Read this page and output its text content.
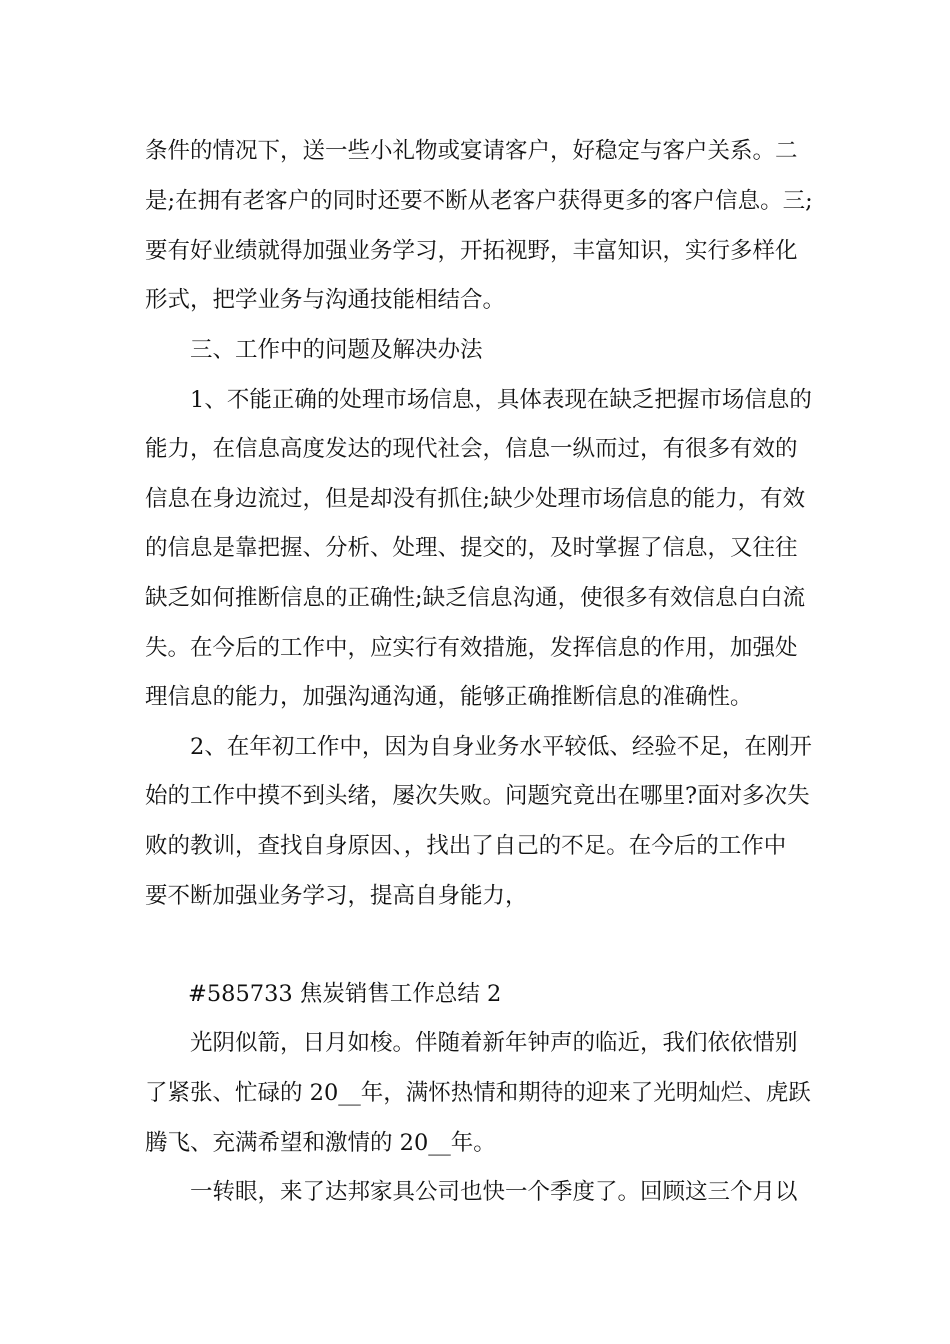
条件的情况下，送一些小礼物或宴请客户，好稳定与客户关系。二
是;在拥有老客户的同时还要不断从老客户获得更多的客户信息。三;
要有好业绩就得加强业务学习，开拓视野，丰富知识，实行多样化
形式，把学业务与沟通技能相结合。
三、工作中的问题及解决办法
1、不能正确的处理市场信息，具体表现在缺乏把握市场信息的
能力，在信息高度发达的现代社会，信息一纵而过，有很多有效的
信息在身边流过，但是却没有抓住;缺少处理市场信息的能力，有效
的信息是靠把握、分析、处理、提交的，及时掌握了信息，又往往
缺乏如何推断信息的正确性;缺乏信息沟通，使很多有效信息白白流
失。在今后的工作中，应实行有效措施，发挥信息的作用，加强处
理信息的能力，加强沟通沟通，能够正确推断信息的准确性。
2、在年初工作中，因为自身业务水平较低、经验不足，在刚开
始的工作中摸不到头绪，屡次失败。问题究竟出在哪里?面对多次失
败的教训，查找自身原因、，找出了自己的不足。在今后的工作中
要不断加强业务学习，提高自身能力，
#585733 焦炭销售工作总结 2
光阴似箭，日月如梭。伴随着新年钟声的临近，我们依依惜别
了紧张、忙碌的 20__年，满怀热情和期待的迎来了光明灿烂、虎跃
腾飞、充满希望和激情的 20__年。
一转眼，来了达邦家具公司也快一个季度了。回顾这三个月以
